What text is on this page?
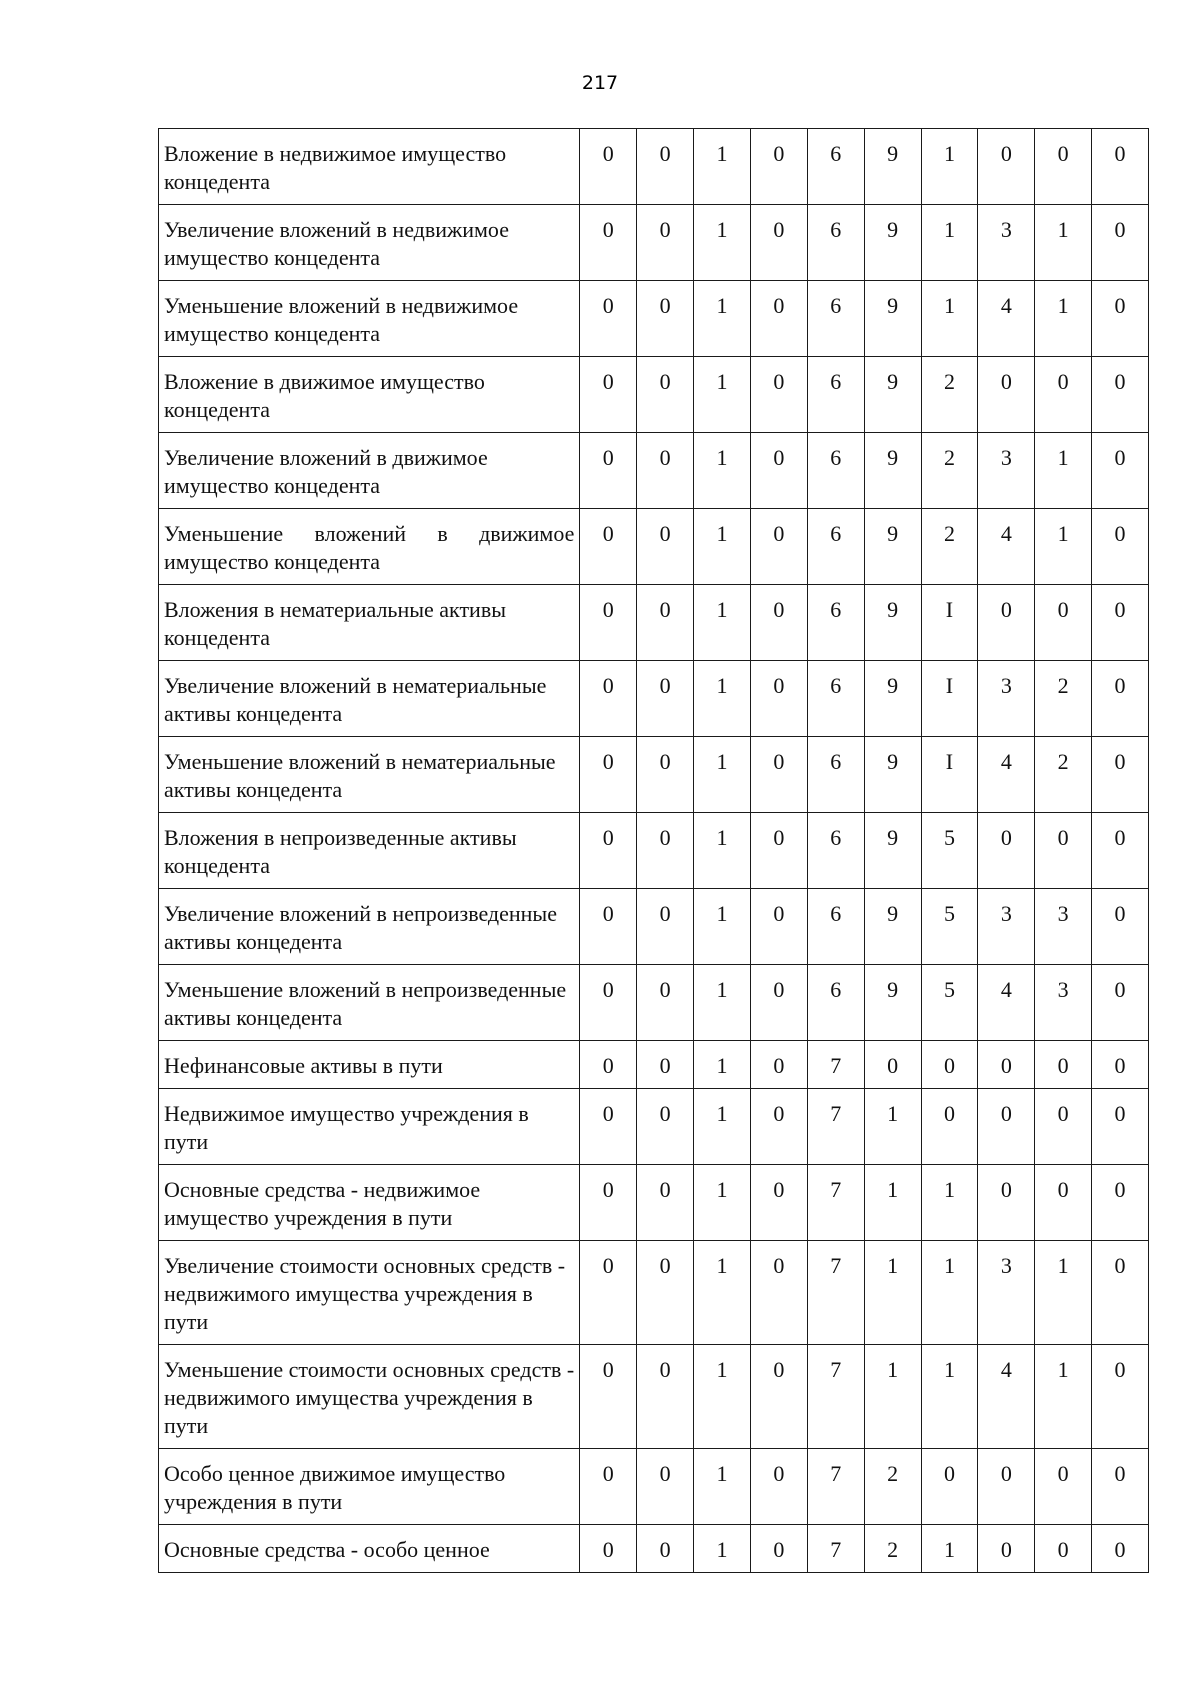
217
Вложение в недвижимое имущество концедента	0	0	1	0	6	9	1	0	0	0
Увеличение вложений в недвижимое имущество концедента	0	0	1	0	6	9	1	3	1	0
Уменьшение вложений в недвижимое имущество концедента	0	0	1	0	6	9	1	4	1	0
Вложение в движимое имущество концедента	0	0	1	0	6	9	2	0	0	0
Увеличение вложений в движимое имущество концедента	0	0	1	0	6	9	2	3	1	0
Уменьшение вложений в движимое имущество концедента	0	0	1	0	6	9	2	4	1	0
Вложения в нематериальные активы концедента	0	0	1	0	6	9	I	0	0	0
Увеличение вложений в нематериальные активы концедента	0	0	1	0	6	9	I	3	2	0
Уменьшение вложений в нематериальные активы концедента	0	0	1	0	6	9	I	4	2	0
Вложения в непроизведенные активы концедента	0	0	1	0	6	9	5	0	0	0
Увеличение вложений в непроизведенные активы концедента	0	0	1	0	6	9	5	3	3	0
Уменьшение вложений в непроизведенные активы концедента	0	0	1	0	6	9	5	4	3	0
Нефинансовые активы в пути	0	0	1	0	7	0	0	0	0	0
Недвижимое имущество учреждения в пути	0	0	1	0	7	1	0	0	0	0
Основные средства - недвижимое имущество учреждения в пути	0	0	1	0	7	1	1	0	0	0
Увеличение стоимости основных средств - недвижимого имущества учреждения в пути	0	0	1	0	7	1	1	3	1	0
Уменьшение стоимости основных средств - недвижимого имущества учреждения в пути	0	0	1	0	7	1	1	4	1	0
Особо ценное движимое имущество учреждения в пути	0	0	1	0	7	2	0	0	0	0
Основные средства - особо ценное	0	0	1	0	7	2	1	0	0	0
